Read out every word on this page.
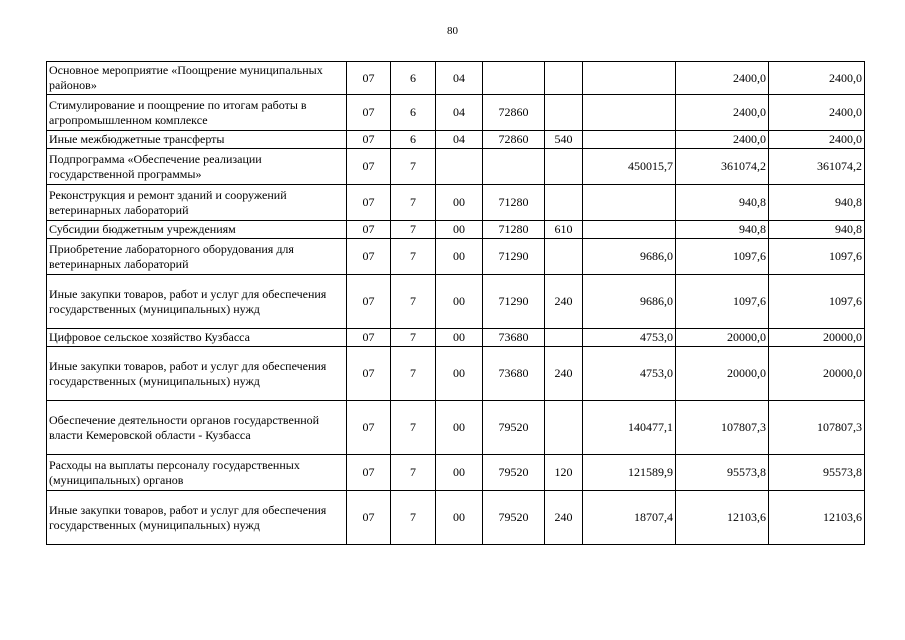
80
Основное мероприятие «Поощрение муниципальных районов»	07	6	04				2400,0	2400,0
Стимулирование и поощрение по итогам работы в агропромышленном комплексе	07	6	04	72860			2400,0	2400,0
Иные межбюджетные трансферты	07	6	04	72860	540		2400,0	2400,0
Подпрограмма «Обеспечение реализации государственной программы»	07	7				450015,7	361074,2	361074,2
Реконструкция и ремонт зданий и сооружений ветеринарных лабораторий	07	7	00	71280			940,8	940,8
Субсидии бюджетным учреждениям	07	7	00	71280	610		940,8	940,8
Приобретение лабораторного оборудования для ветеринарных лабораторий	07	7	00	71290		9686,0	1097,6	1097,6
Иные закупки товаров, работ и услуг для обеспечения государственных (муниципальных) нужд	07	7	00	71290	240	9686,0	1097,6	1097,6
Цифровое сельское хозяйство Кузбасса	07	7	00	73680		4753,0	20000,0	20000,0
Иные закупки товаров, работ и услуг для обеспечения государственных (муниципальных) нужд	07	7	00	73680	240	4753,0	20000,0	20000,0
Обеспечение деятельности органов государственной власти Кемеровской области - Кузбасса	07	7	00	79520		140477,1	107807,3	107807,3
Расходы на выплаты персоналу государственных (муниципальных) органов	07	7	00	79520	120	121589,9	95573,8	95573,8
Иные закупки товаров, работ и услуг для обеспечения государственных (муниципальных) нужд	07	7	00	79520	240	18707,4	12103,6	12103,6
